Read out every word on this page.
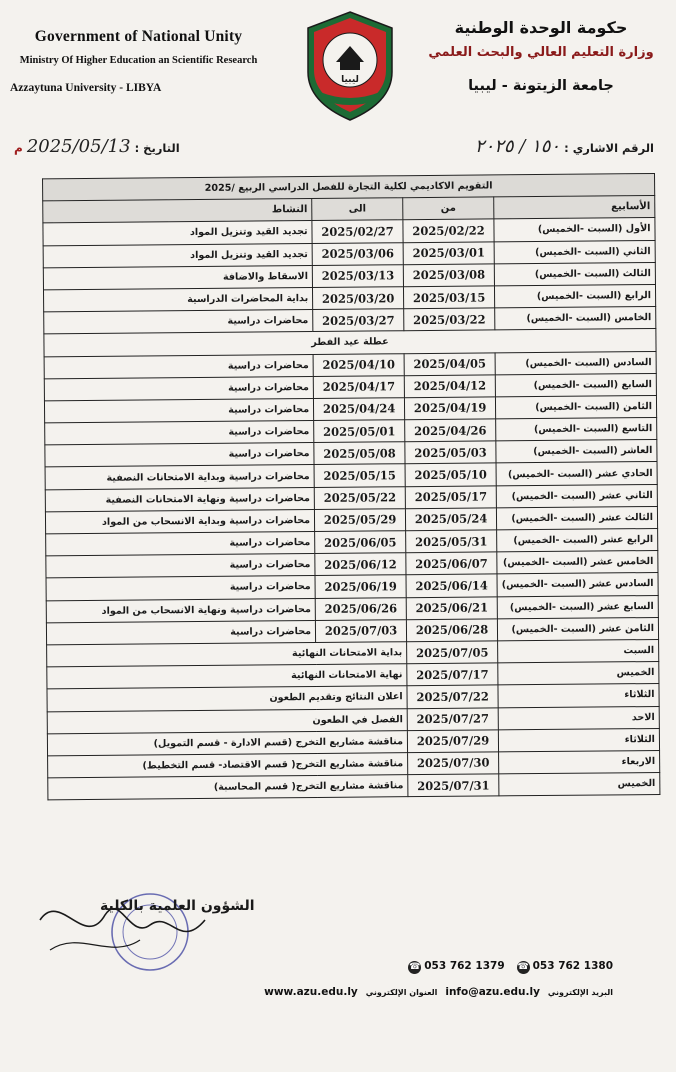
Government of National Unity
Ministry Of Higher Education an Scientific Research
Azzaytuna University - LIBYA
ليبيا
حكومة الوحدة الوطنية
وزارة التعليم العالي والبحث العلمي
جامعة الزيتونة - ليبيا
الرقم الاشاري : ١٥٠ / ٢٠٢٥
التاريخ : 2025/05/13 م
التقويم الاكاديمي لكلية التجارة للفصل الدراسي الربيع /2025			
الأسابيع	من	الى	النشاط
الأول (السبت -الخميس)	2025/02/22	2025/02/27	تجديد القيد وتنزيل المواد
الثاني (السبت -الخميس)	2025/03/01	2025/03/06	تجديد القيد وتنزيل المواد
الثالث (السبت -الخميس)	2025/03/08	2025/03/13	الاسقاط والاضافة
الرابع (السبت -الخميس)	2025/03/15	2025/03/20	بداية المحاضرات الدراسية
الخامس (السبت -الخميس)	2025/03/22	2025/03/27	محاضرات دراسية
عطلة عيد الفطر			
السادس (السبت -الخميس)	2025/04/05	2025/04/10	محاضرات دراسية
السابع (السبت -الخميس)	2025/04/12	2025/04/17	محاضرات دراسية
الثامن (السبت -الخميس)	2025/04/19	2025/04/24	محاضرات دراسية
التاسع (السبت -الخميس)	2025/04/26	2025/05/01	محاضرات دراسية
العاشر (السبت -الخميس)	2025/05/03	2025/05/08	محاضرات دراسية
الحادي عشر (السبت -الخميس)	2025/05/10	2025/05/15	محاضرات دراسية وبداية الامتحانات النصفية
الثاني عشر (السبت -الخميس)	2025/05/17	2025/05/22	محاضرات دراسية ونهاية الامتحانات النصفية
الثالث عشر (السبت -الخميس)	2025/05/24	2025/05/29	محاضرات دراسية وبداية الانسحاب من المواد
الرابع عشر (السبت -الخميس)	2025/05/31	2025/06/05	محاضرات دراسية
الخامس عشر (السبت -الخميس)	2025/06/07	2025/06/12	محاضرات دراسية
السادس عشر (السبت -الخميس)	2025/06/14	2025/06/19	محاضرات دراسية
السابع عشر (السبت -الخميس)	2025/06/21	2025/06/26	محاضرات دراسية ونهاية الانسحاب من المواد
الثامن عشر (السبت -الخميس)	2025/06/28	2025/07/03	محاضرات دراسية
السبت	2025/07/05	بداية الامتحانات النهائية	
الخميس	2025/07/17	نهاية الامتحانات النهائية	
الثلاثاء	2025/07/22	اعلان النتائج وتقديم الطعون	
الاحد	2025/07/27	الفصل في الطعون	
الثلاثاء	2025/07/29	مناقشة مشاريع التخرج (قسم الادارة - قسم التمويل)	
الاربعاء	2025/07/30	مناقشة مشاريع التخرج( قسم الاقتصاد- قسم التخطيط)	
الخميس	2025/07/31	مناقشة مشاريع التخرج( قسم المحاسبة)	
الشؤون العلمية بالكلية
☎ 053 762 1379 ☎ 053 762 1380
www.azu.edu.ly العنوان الإلكتروني info@azu.edu.ly البريد الإلكتروني
